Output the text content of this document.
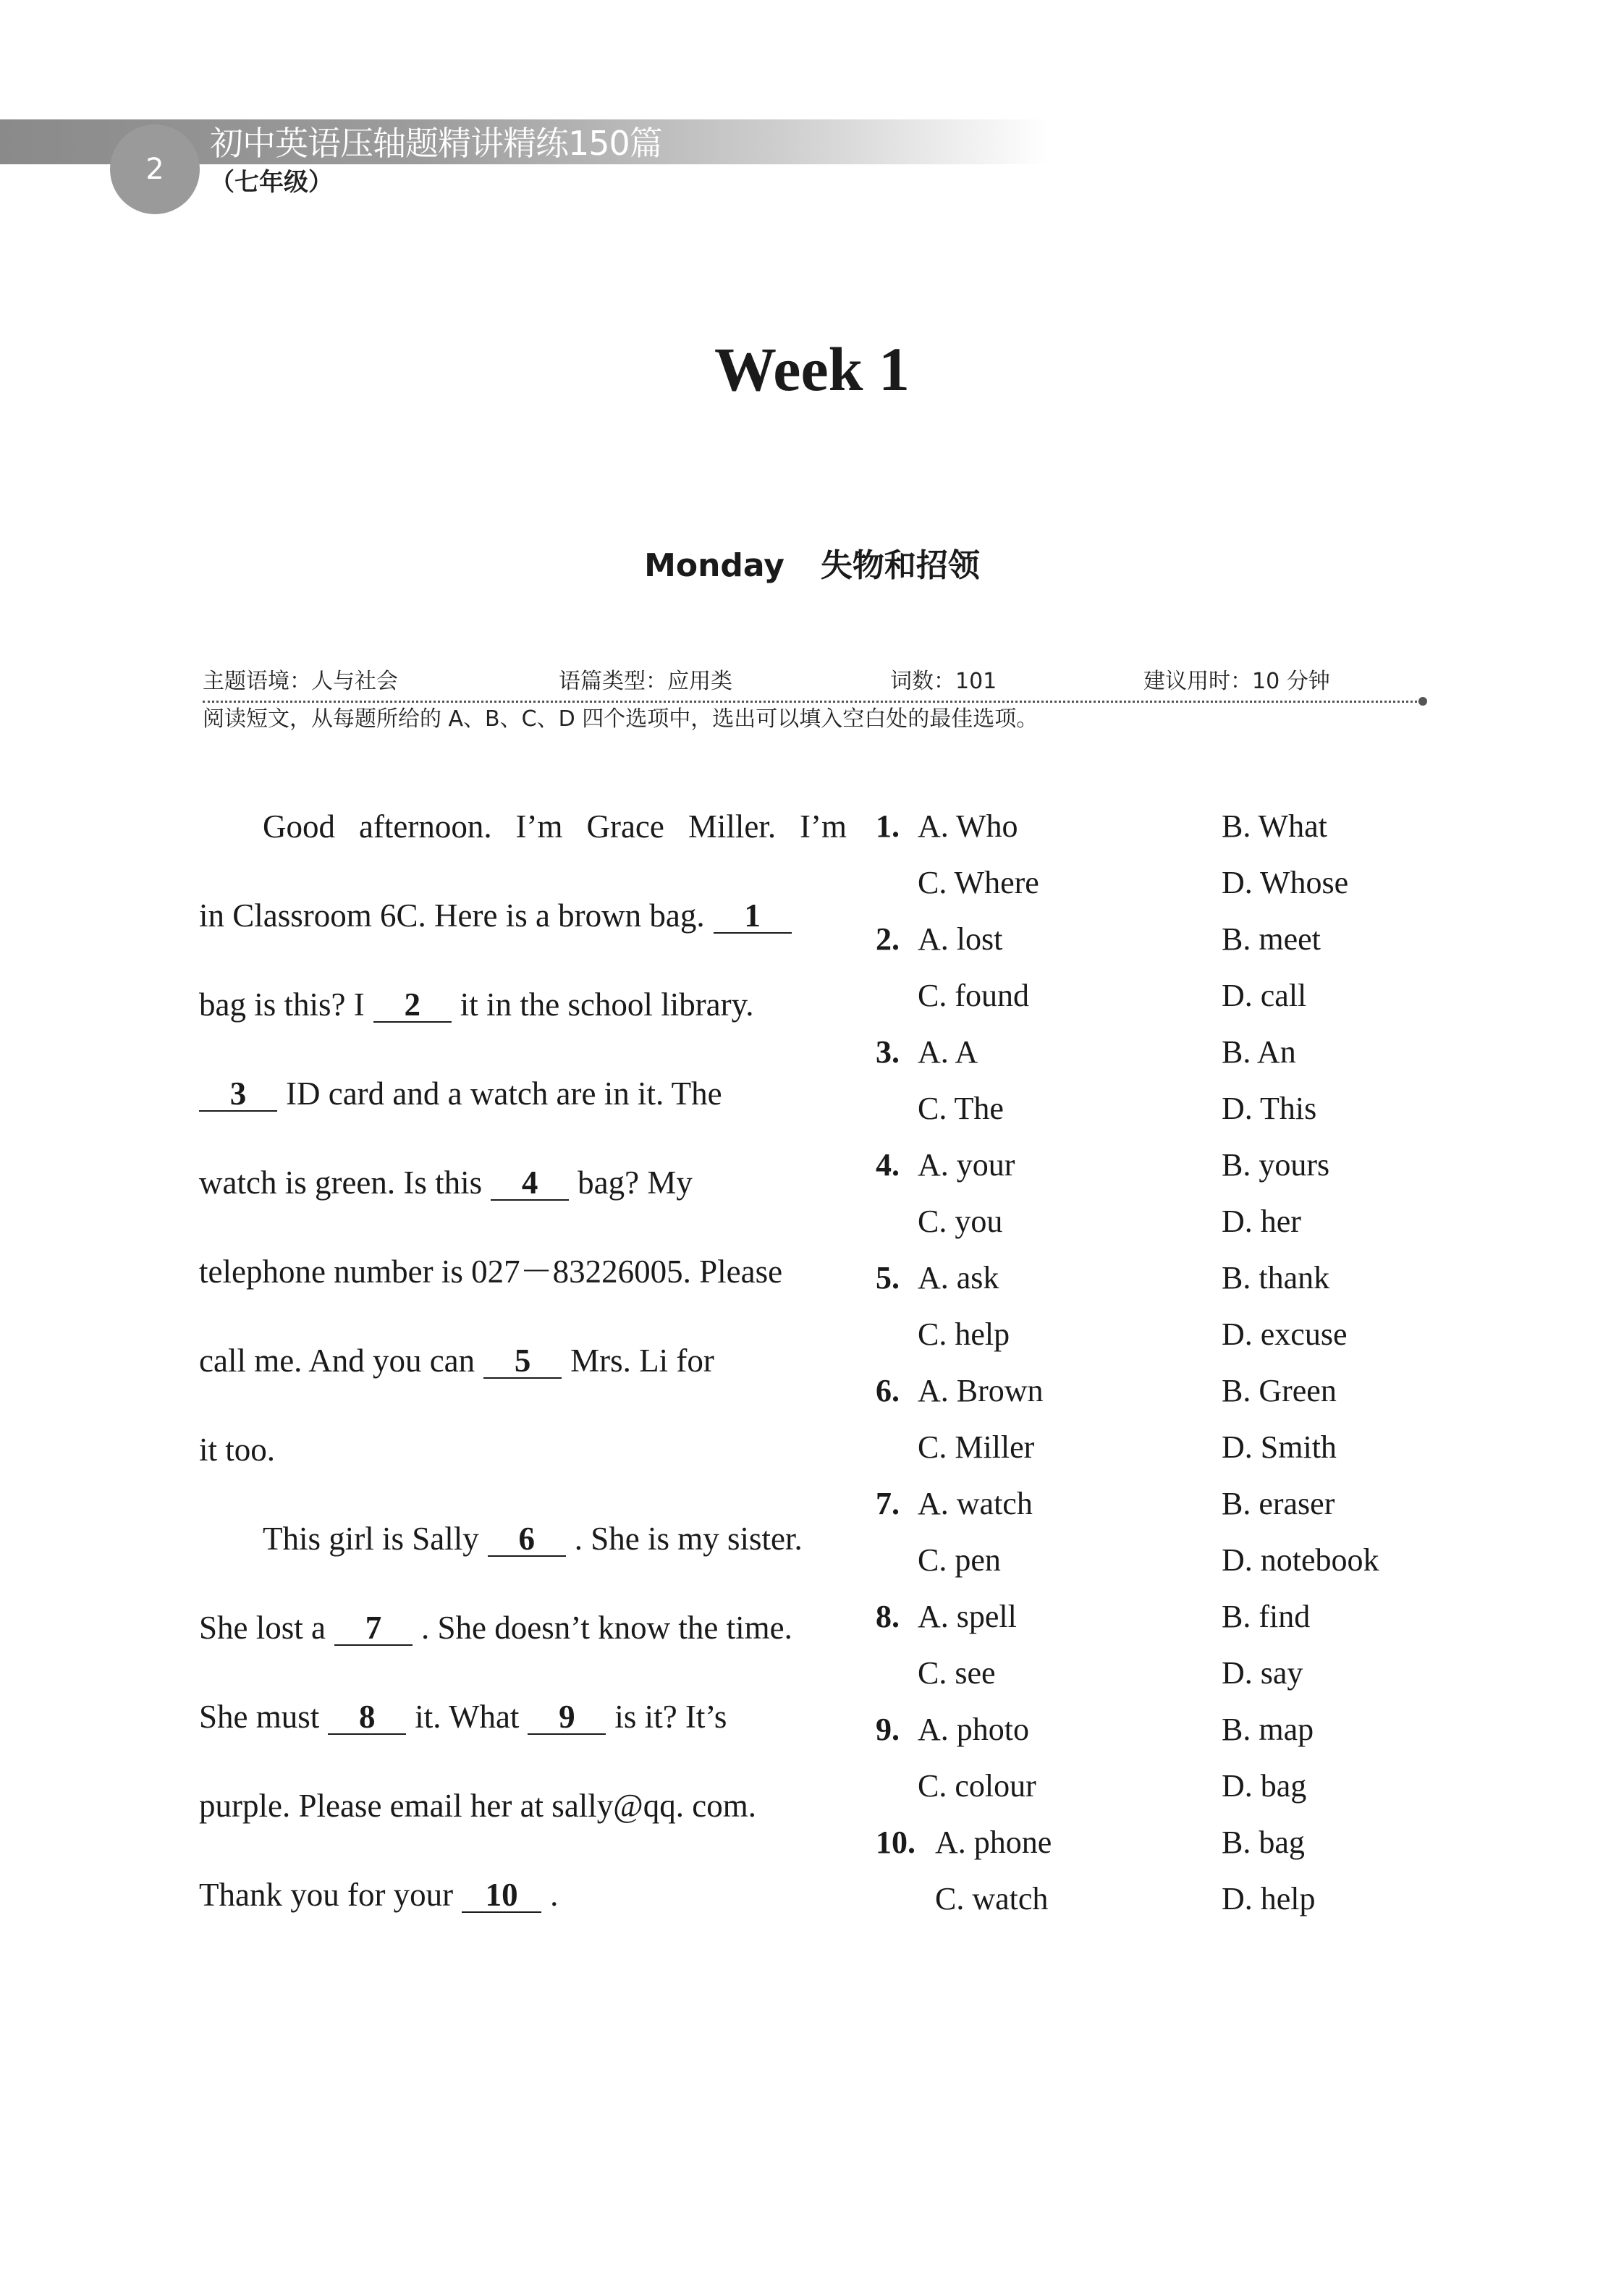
2
初中英语压轴题精讲精练150篇
（七年级）
Week 1
Monday 失物和招领
主题语境：人与社会	语篇类型：应用类	词数：101	建议用时：10 分钟
阅读短文，从每题所给的 A、B、C、D 四个选项中，选出可以填入空白处的最佳选项。
Good afternoon. I’m Grace Miller. I’m
in Classroom 6C. Here is a brown bag. 1
bag is this? I 2 it in the school library.
3 ID card and a watch are in it. The
watch is green. Is this 4 bag? My
telephone number is 027－83226005. Please
call me. And you can 5 Mrs. Li for
it too.
This girl is Sally 6 . She is my sister.
She lost a 7 . She doesn’t know the time.
She must 8 it. What 9 is it? It’s
purple. Please email her at sally@qq. com.
Thank you for your 10 .
1. A. Who	B. What
C. Where	D. Whose
2. A. lost	B. meet
C. found	D. call
3. A. A	B. An
C. The	D. This
4. A. your	B. yours
C. you	D. her
5. A. ask	B. thank
C. help	D. excuse
6. A. Brown	B. Green
C. Miller	D. Smith
7. A. watch	B. eraser
C. pen	D. notebook
8. A. spell	B. find
C. see	D. say
9. A. photo	B. map
C. colour	D. bag
10. A. phone	B. bag
C. watch	D. help
